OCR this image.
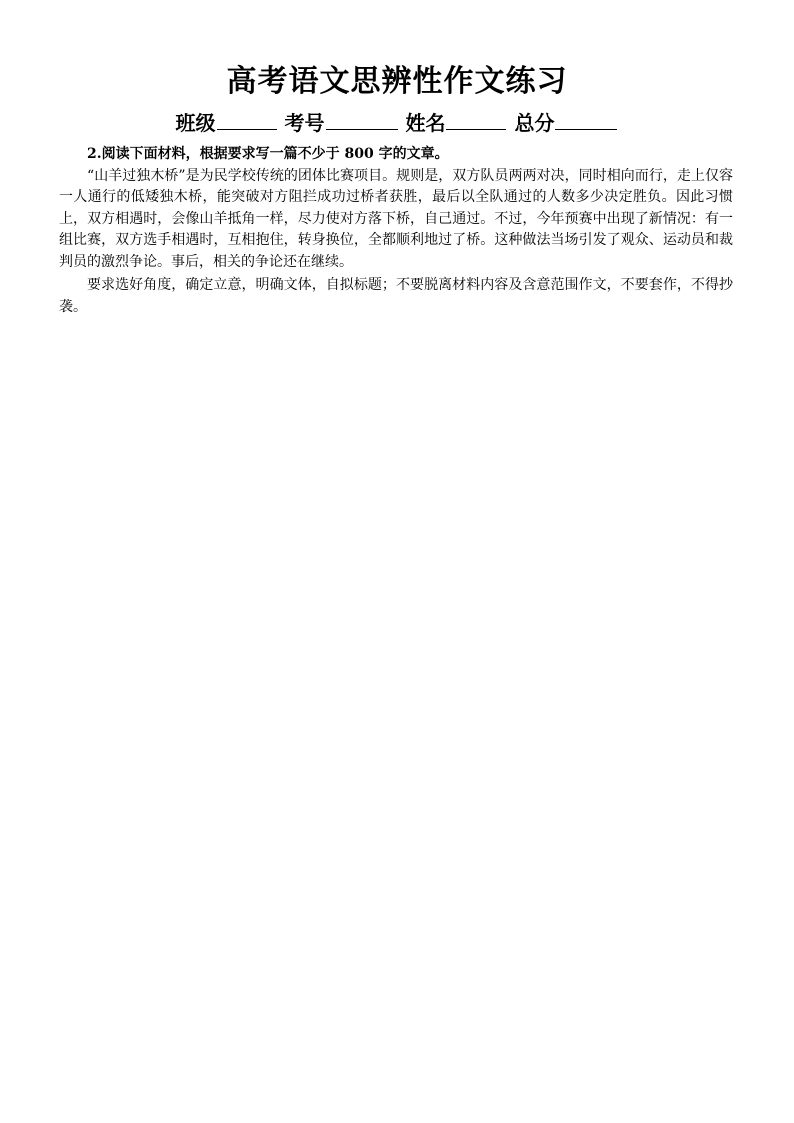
高考语文思辨性作文练习
班级	考号	姓名	总分

2.阅读下面材料，根据要求写一篇不少于 800 字的文章。

“山羊过独木桥”是为民学校传统的团体比赛项目。规则是，双方队员两两对决，同时相向而行，走上仅容一人通行的低矮独木桥，能突破对方阻拦成功过桥者获胜，最后以全队通过的人数多少决定胜负。因此习惯上，双方相遇时，会像山羊抵角一样，尽力使对方落下桥，自己通过。不过，今年预赛中出现了新情况：有一组比赛，双方选手相遇时，互相抱住，转身换位，全都顺利地过了桥。这种做法当场引发了观众、运动员和裁判员的激烈争论。事后，相关的争论还在继续。

要求选好角度，确定立意，明确文体，自拟标题；不要脱离材料内容及含意范围作文，不要套作，不得抄袭。
